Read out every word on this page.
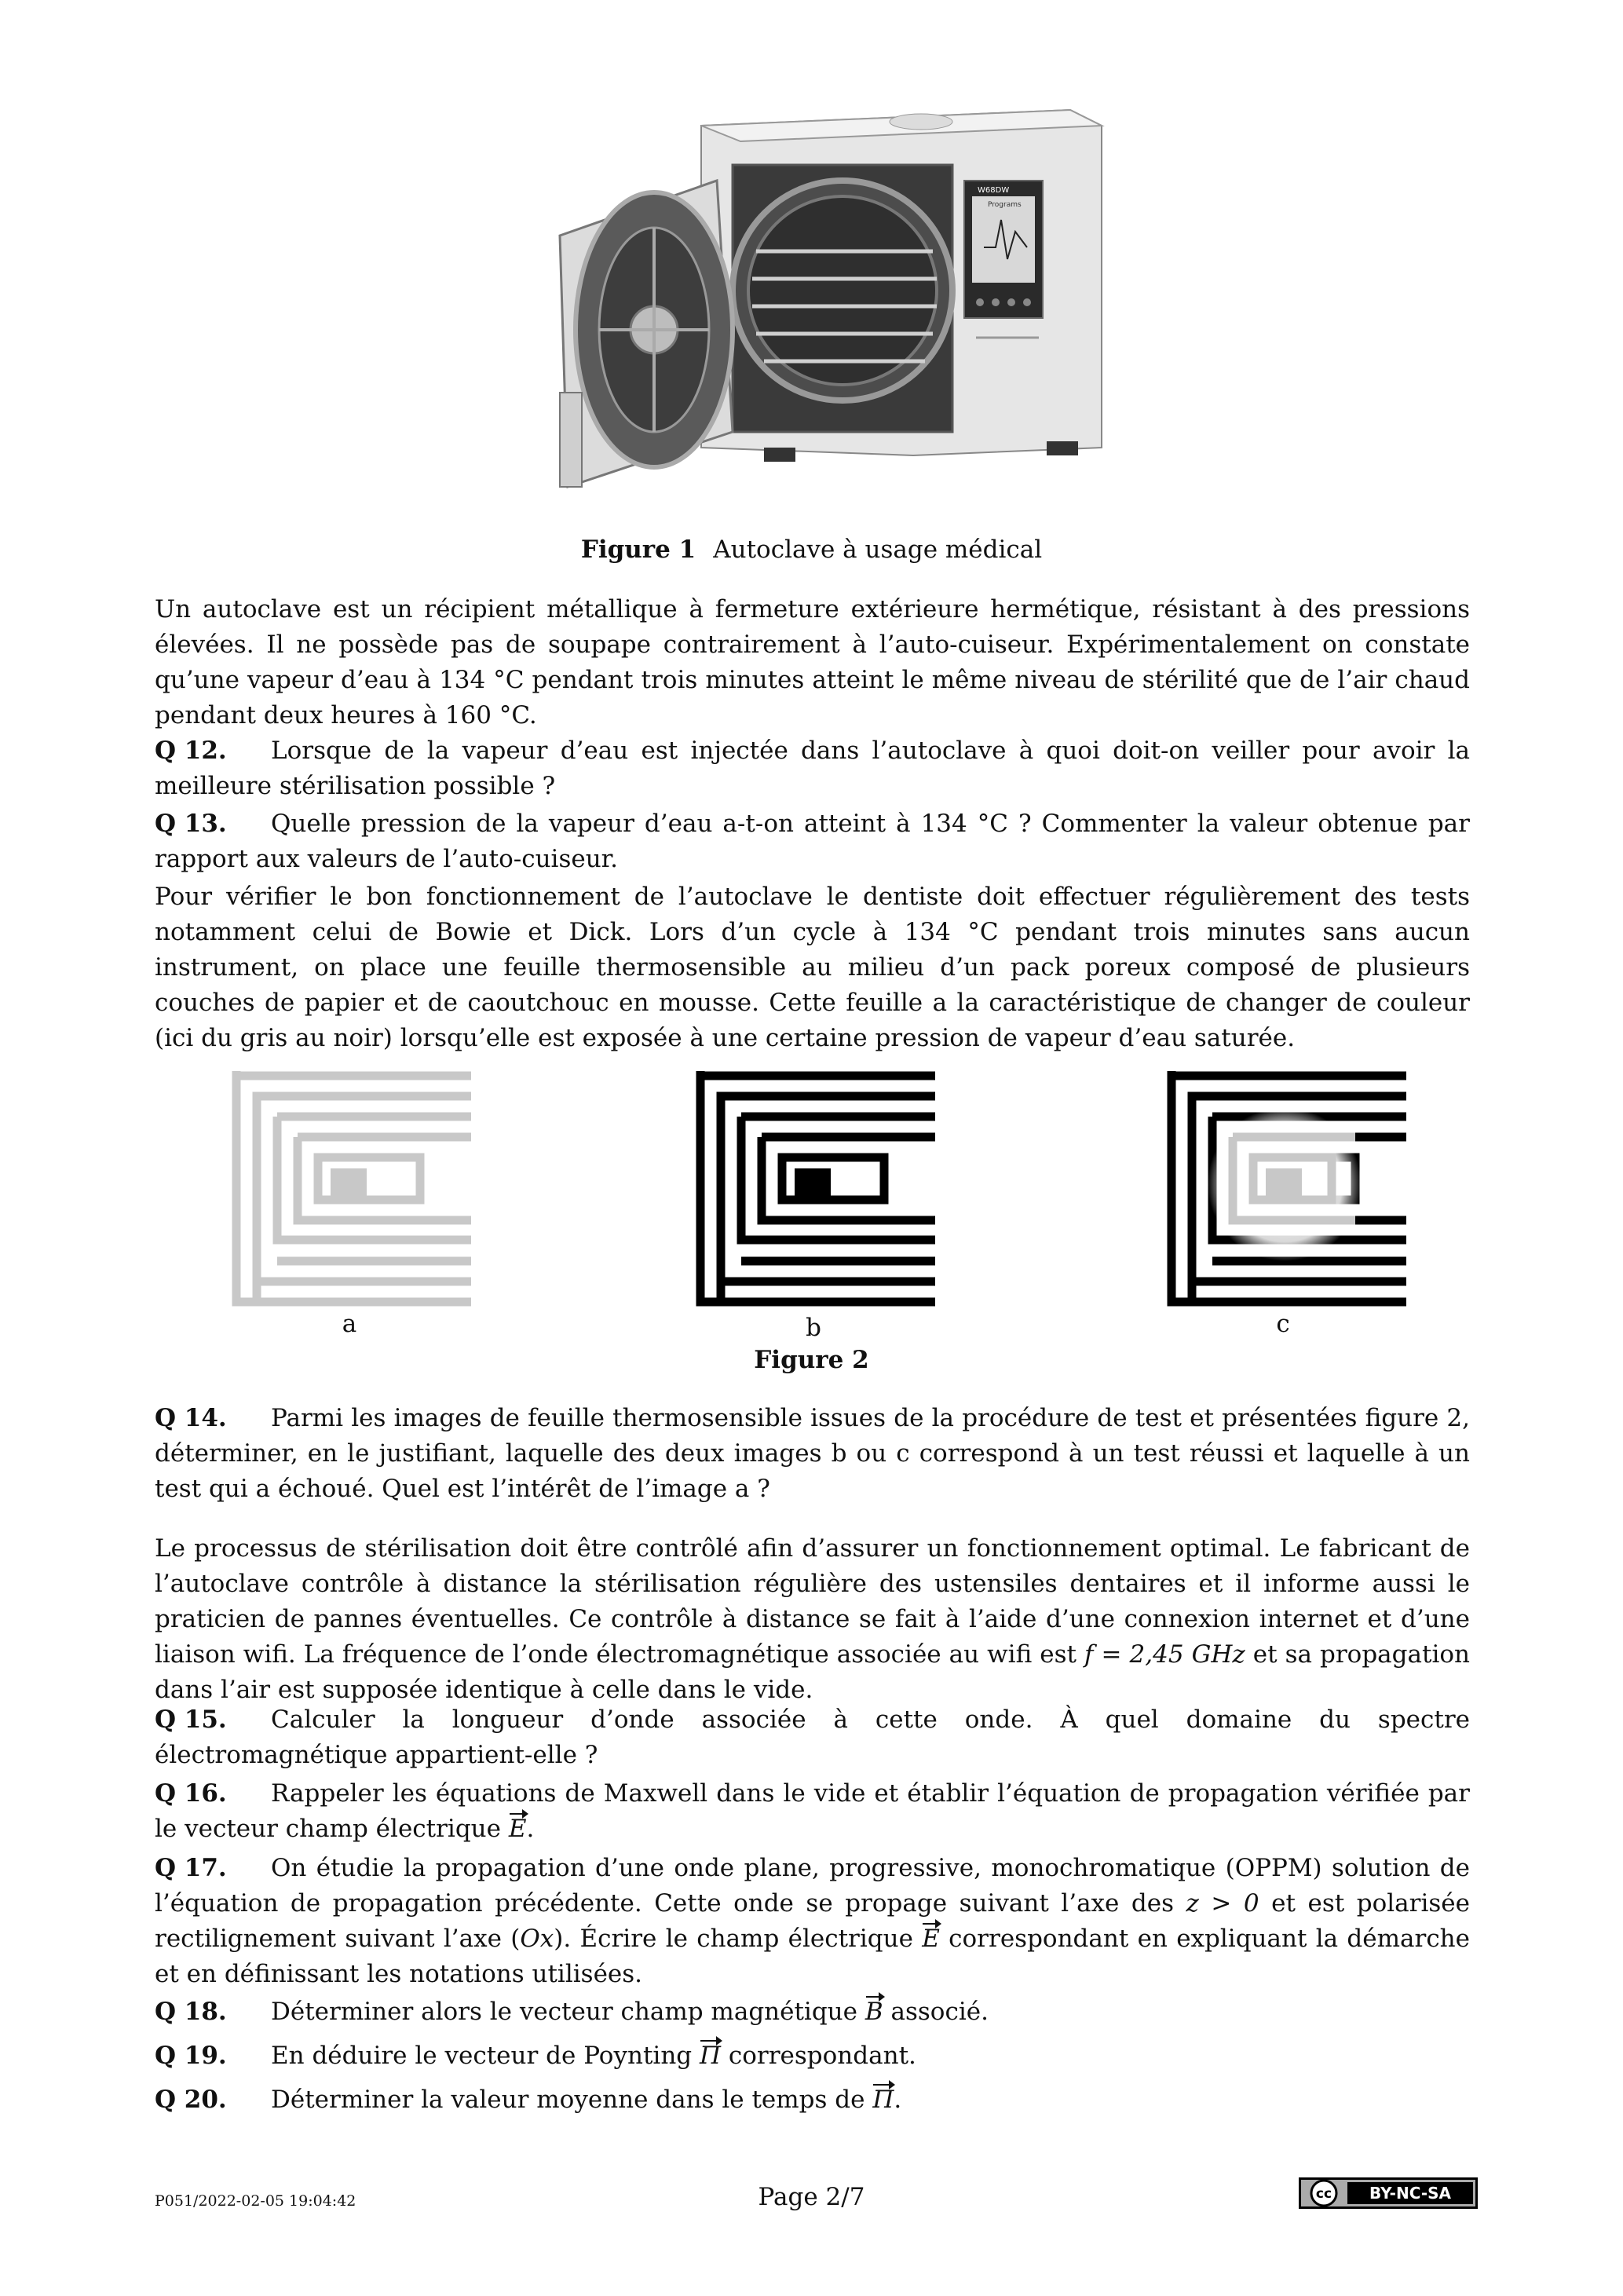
W68DW
Programs
Figure 1 Autoclave à usage médical
Un autoclave est un récipient métallique à fermeture extérieure hermétique, résistant à des pressions élevées. Il ne possède pas de soupape contrairement à l’auto-cuiseur. Expérimentalement on constate qu’une vapeur d’eau à 134 °C pendant trois minutes atteint le même niveau de stérilité que de l’air chaud pendant deux heures à 160 °C.
Q 12. Lorsque de la vapeur d’eau est injectée dans l’autoclave à quoi doit-on veiller pour avoir la meilleure stérilisation possible ?
Q 13. Quelle pression de la vapeur d’eau a-t-on atteint à 134 °C ? Commenter la valeur obtenue par rapport aux valeurs de l’auto-cuiseur.
Pour vérifier le bon fonctionnement de l’autoclave le dentiste doit effectuer régulièrement des tests notamment celui de Bowie et Dick. Lors d’un cycle à 134 °C pendant trois minutes sans aucun instrument, on place une feuille thermosensible au milieu d’un pack poreux composé de plusieurs couches de papier et de caoutchouc en mousse. Cette feuille a la caractéristique de changer de couleur (ici du gris au noir) lorsqu’elle est exposée à une certaine pression de vapeur d’eau saturée.
a	b	c
Figure 2
Q 14. Parmi les images de feuille thermosensible issues de la procédure de test et présentées figure 2, déterminer, en le justifiant, laquelle des deux images b ou c correspond à un test réussi et laquelle à un test qui a échoué. Quel est l’intérêt de l’image a ?
Le processus de stérilisation doit être contrôlé afin d’assurer un fonctionnement optimal. Le fabricant de l’autoclave contrôle à distance la stérilisation régulière des ustensiles dentaires et il informe aussi le praticien de pannes éventuelles. Ce contrôle à distance se fait à l’aide d’une connexion internet et d’une liaison wifi. La fréquence de l’onde électromagnétique associée au wifi est f = 2,45 GHz et sa propagation dans l’air est supposée identique à celle dans le vide.
Q 15. Calculer la longueur d’onde associée à cette onde. À quel domaine du spectre électromagnétique appartient-elle ?
Q 16. Rappeler les équations de Maxwell dans le vide et établir l’équation de propagation vérifiée par le vecteur champ électrique E.
Q 17. On étudie la propagation d’une onde plane, progressive, monochromatique (OPPM) solution de l’équation de propagation précédente. Cette onde se propage suivant l’axe des z > 0 et est polarisée rectilignement suivant l’axe (Ox). Écrire le champ électrique E correspondant en expliquant la démarche et en définissant les notations utilisées.
Q 18. Déterminer alors le vecteur champ magnétique B associé.
Q 19. En déduire le vecteur de Poynting Π correspondant.
Q 20. Déterminer la valeur moyenne dans le temps de Π.
P051/2022-02-05 19:04:42	Page 2/7	cc BY-NC-SA
